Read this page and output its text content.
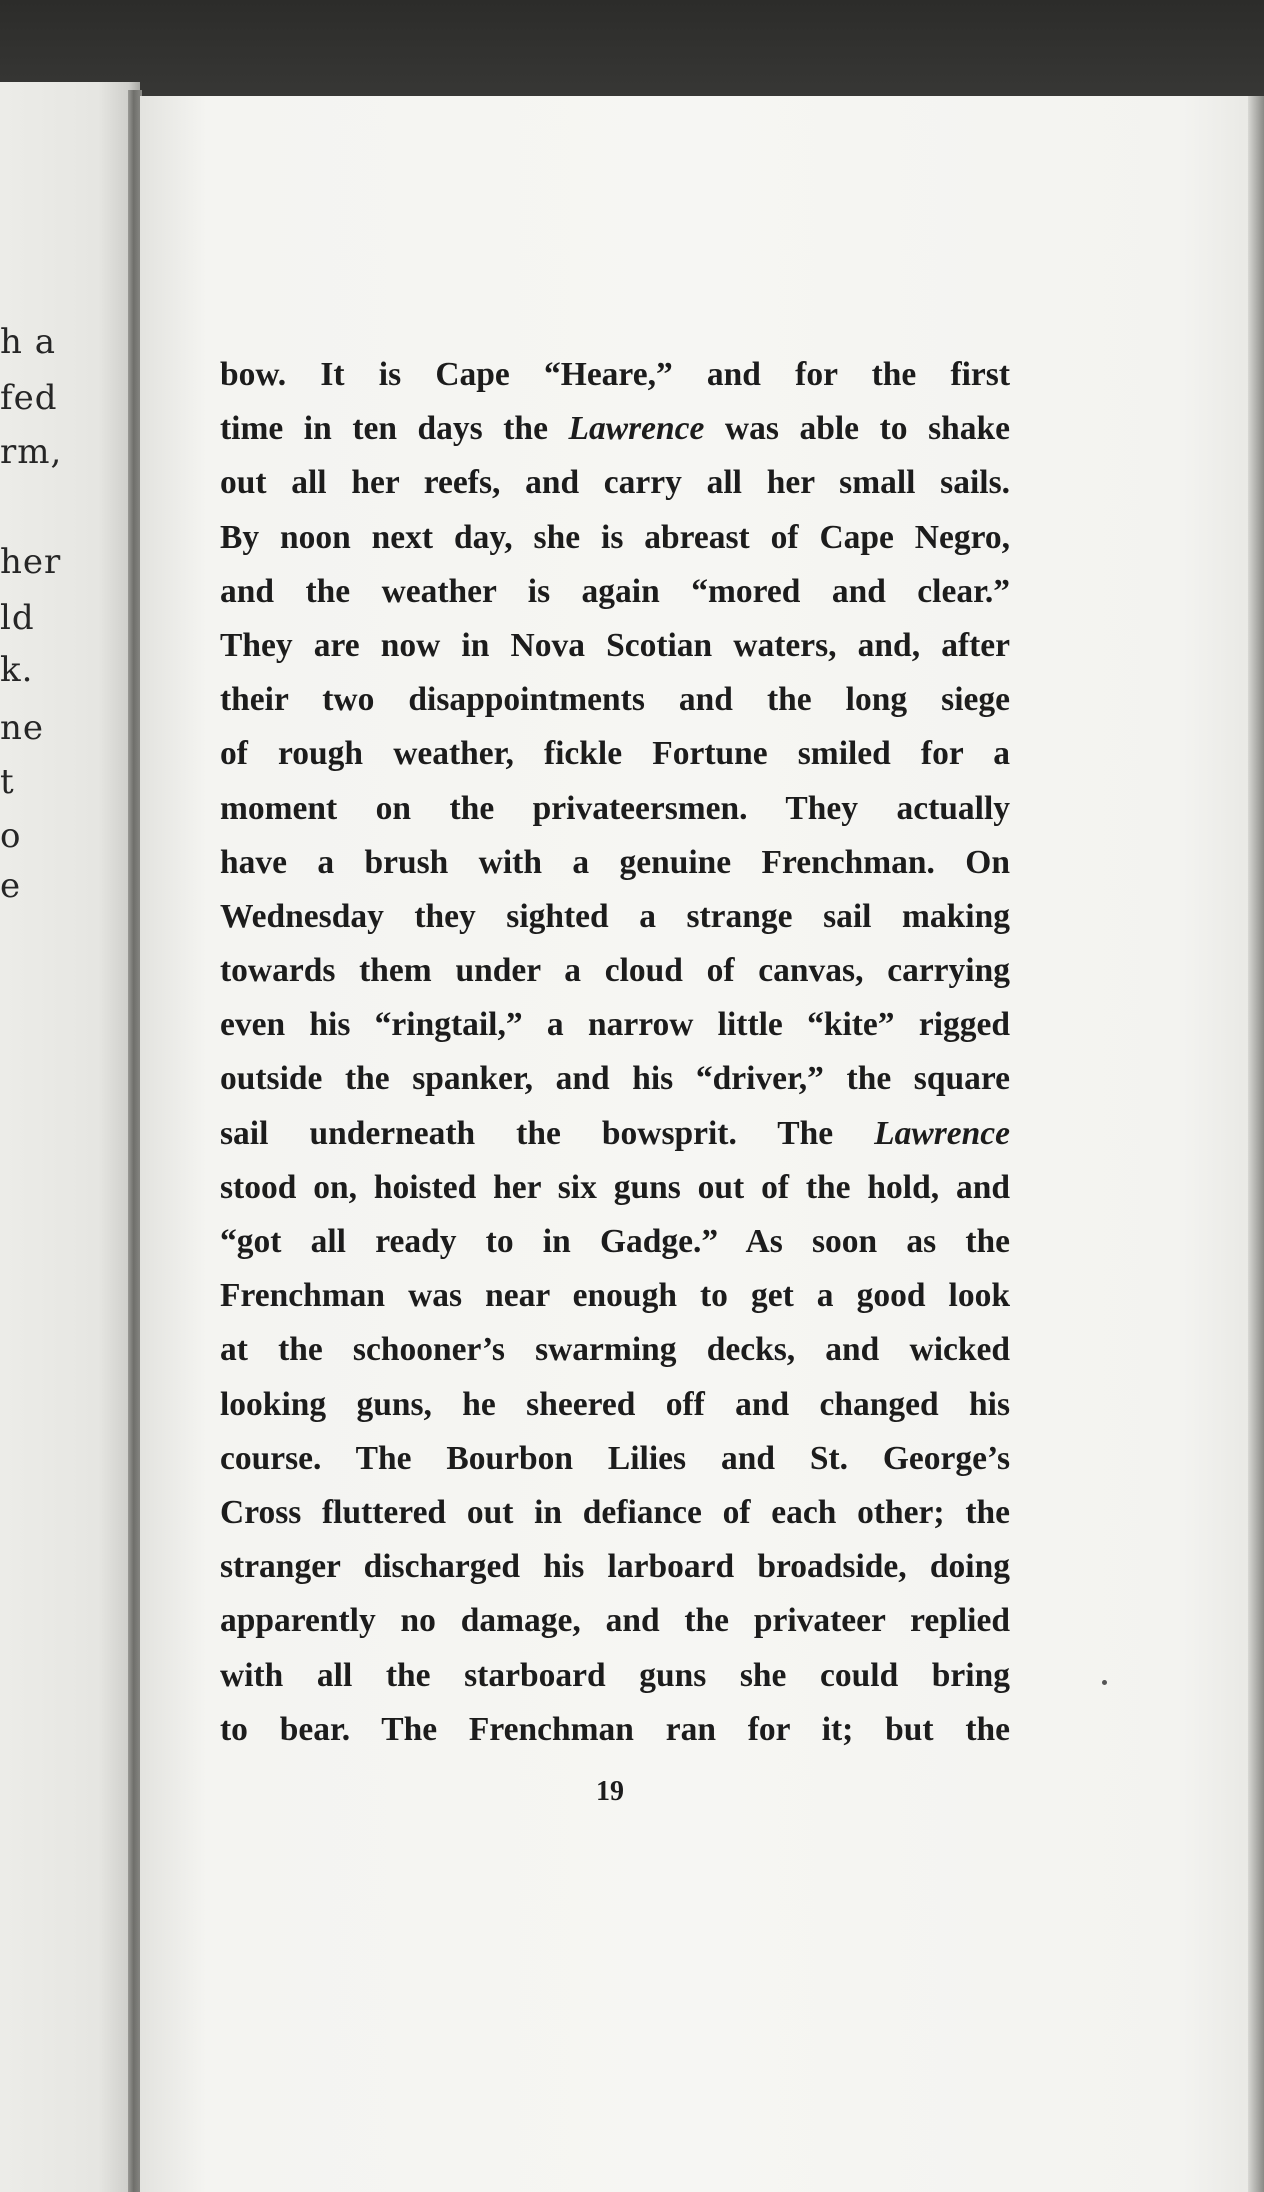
h a
fed
rm,
her
ld
k.
ne
t
o
e
bow. It is Cape “Heare,” and for the first
time in ten days the Lawrence was able to shake
out all her reefs, and carry all her small sails.
By noon next day, she is abreast of Cape Negro,
and the weather is again “mored and clear.”
They are now in Nova Scotian waters, and, after
their two disappointments and the long siege
of rough weather, fickle Fortune smiled for a
moment on the privateersmen. They actually
have a brush with a genuine Frenchman. On
Wednesday they sighted a strange sail making
towards them under a cloud of canvas, carrying
even his “ringtail,” a narrow little “kite” rigged
outside the spanker, and his “driver,” the square
sail underneath the bowsprit. The Lawrence
stood on, hoisted her six guns out of the hold, and
“got all ready to in Gadge.” As soon as the
Frenchman was near enough to get a good look
at the schooner’s swarming decks, and wicked
looking guns, he sheered off and changed his
course. The Bourbon Lilies and St. George’s
Cross fluttered out in defiance of each other; the
stranger discharged his larboard broadside, doing
apparently no damage, and the privateer replied
with all the starboard guns she could bring
to bear. The Frenchman ran for it; but the
19
